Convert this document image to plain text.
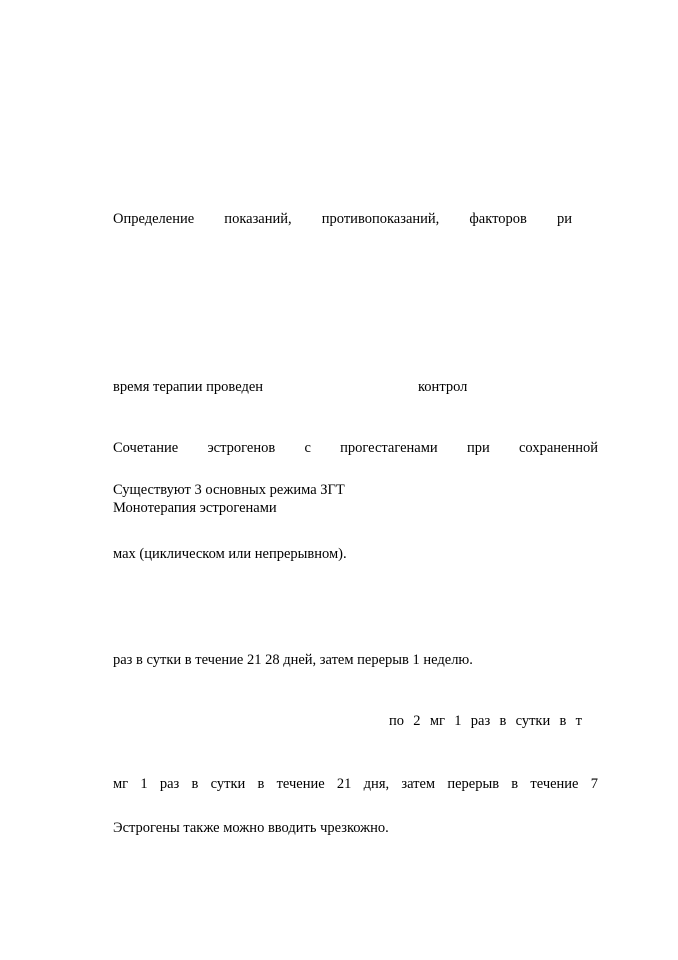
Определение показаний, противопоказаний, факторов ри
время терапии проведен	контрол
Сочетание эстрогенов с прогестагенами при сохраненной
Существуют 3 основных режима ЗГТ
Монотерапия эстрогенами
мах (циклическом или непрерывном).
раз в сутки в течение 21 28 дней, затем перерыв 1 неделю.
по 2 мг 1 раз в сутки в т
мг 1 раз в сутки в течение 21 дня, затем перерыв в течение 7
Эстрогены также можно вводить чрезкожно.
